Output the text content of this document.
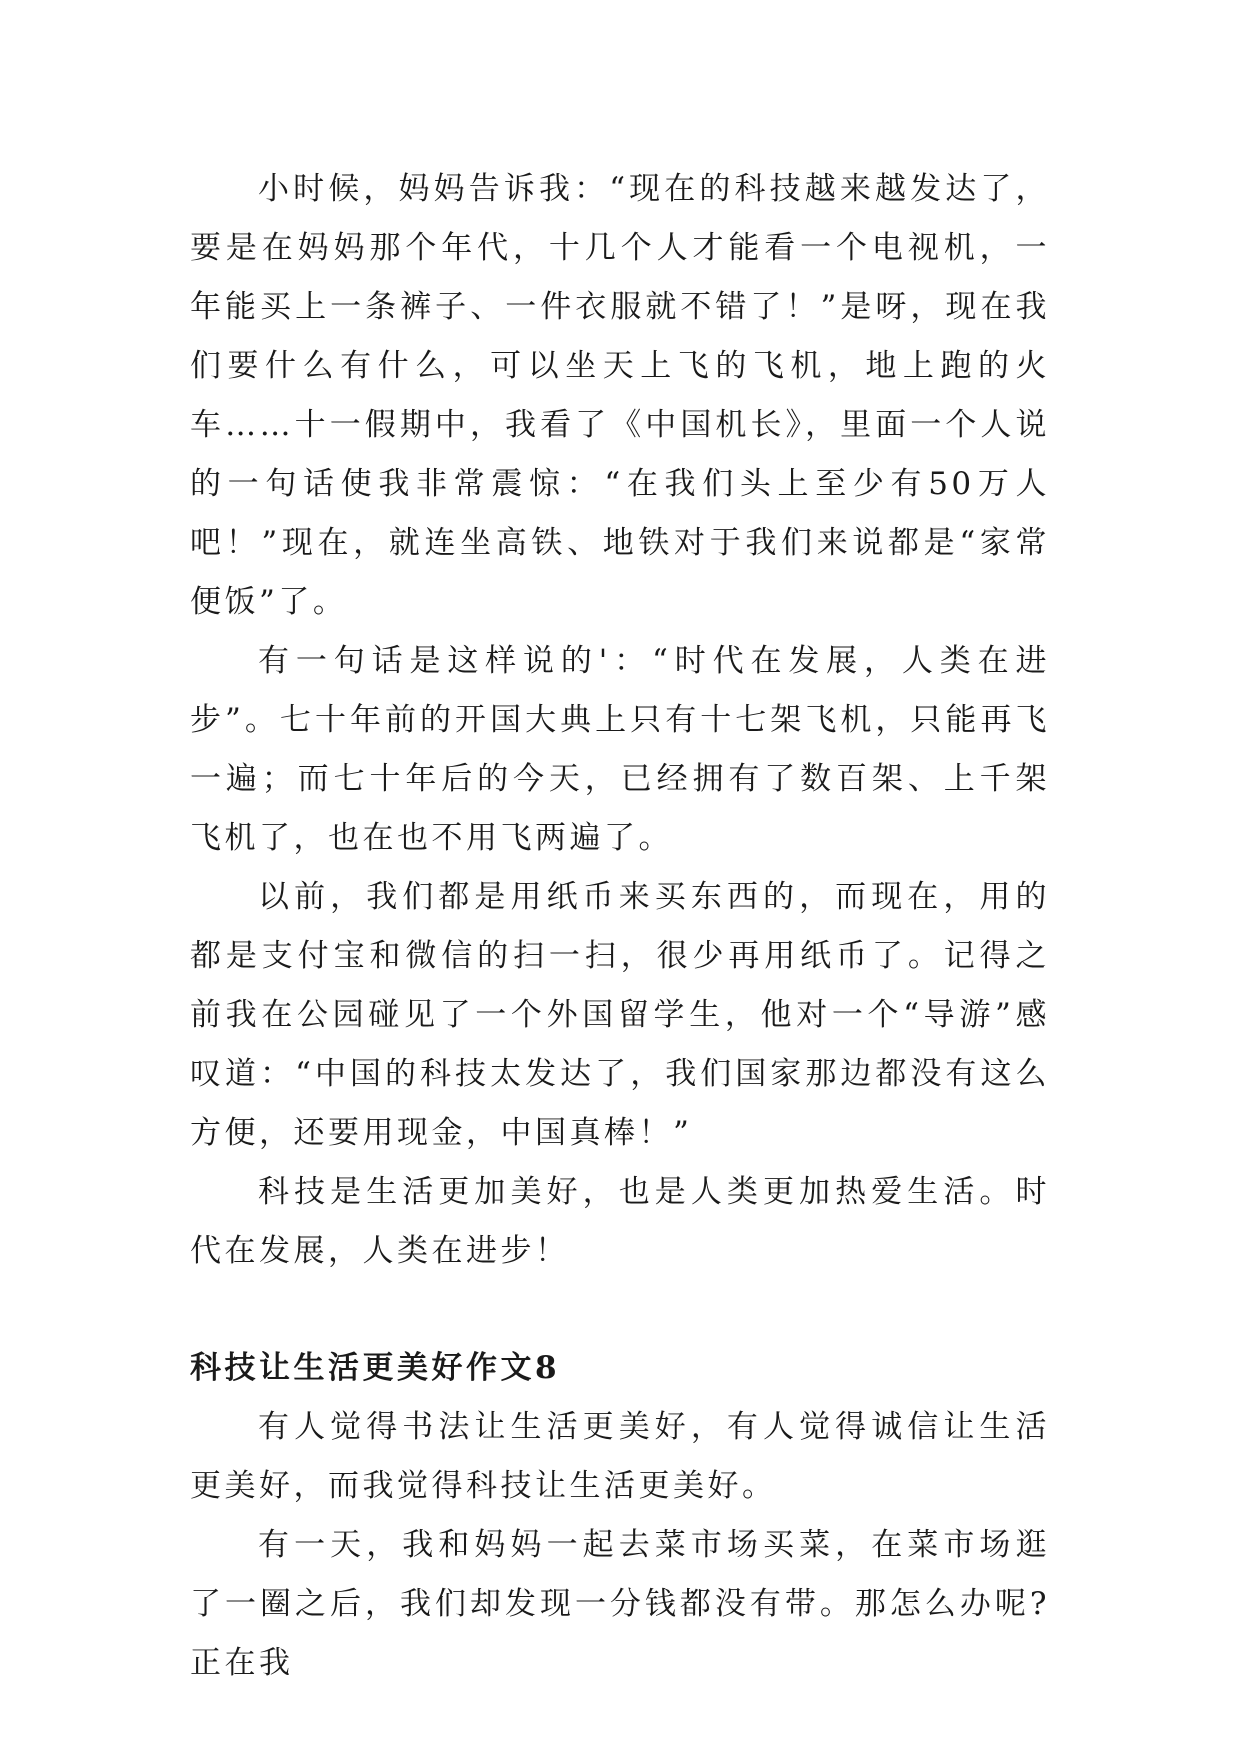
小时候，妈妈告诉我：“现在的科技越来越发达了，要是在妈妈那个年代，十几个人才能看一个电视机，一年能买上一条裤子、一件衣服就不错了！”是呀，现在我们要什么有什么，可以坐天上飞的飞机，地上跑的火车……十一假期中，我看了《中国机长》，里面一个人说的一句话使我非常震惊：“在我们头上至少有50万人吧！”现在，就连坐高铁、地铁对于我们来说都是“家常便饭”了。

有一句话是这样说的'：“时代在发展，人类在进步”。七十年前的开国大典上只有十七架飞机，只能再飞一遍；而七十年后的今天，已经拥有了数百架、上千架飞机了，也在也不用飞两遍了。

以前，我们都是用纸币来买东西的，而现在，用的都是支付宝和微信的扫一扫，很少再用纸币了。记得之前我在公园碰见了一个外国留学生，他对一个“导游”感叹道：“中国的科技太发达了，我们国家那边都没有这么方便，还要用现金，中国真棒！”

科技是生活更加美好，也是人类更加热爱生活。时代在发展，人类在进步！

科技让生活更美好作文8

有人觉得书法让生活更美好，有人觉得诚信让生活更美好，而我觉得科技让生活更美好。

有一天，我和妈妈一起去菜市场买菜，在菜市场逛了一圈之后，我们却发现一分钱都没有带。那怎么办呢?正在我
